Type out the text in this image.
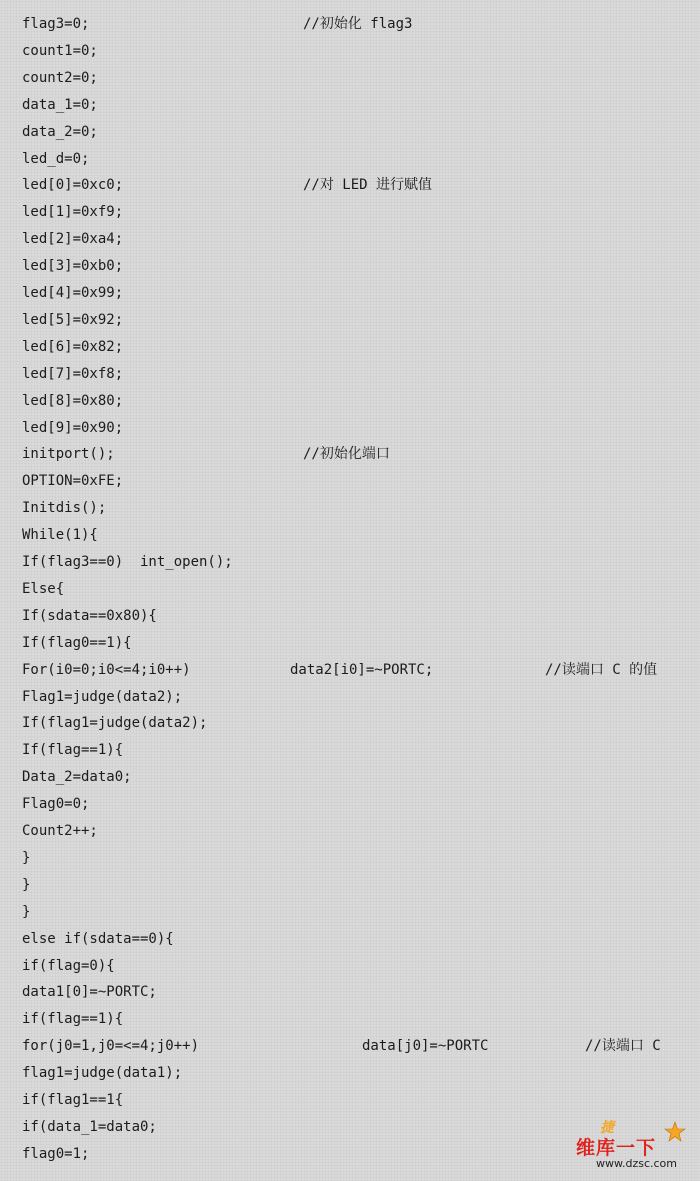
flag3=0;	//初始化 flag3
count1=0;
count2=0;
data_1=0;
data_2=0;
led_d=0;
led[0]=0xc0;	//对 LED 进行赋值
led[1]=0xf9;
led[2]=0xa4;
led[3]=0xb0;
led[4]=0x99;
led[5]=0x92;
led[6]=0x82;
led[7]=0xf8;
led[8]=0x80;
led[9]=0x90;
initport();	//初始化端口
OPTION=0xFE;
Initdis();
While(1){
If(flag3==0)  int_open();
Else{
If(sdata==0x80){
If(flag0==1){
For(i0=0;i0<=4;i0++)	data2[i0]=~PORTC;	//读端口 C 的值
Flag1=judge(data2);
If(flag1=judge(data2);
If(flag==1){
Data_2=data0;
Flag0=0;
Count2++;
}
}
}
else if(sdata==0){
if(flag=0){
data1[0]=~PORTC;
if(flag==1){
for(j0=1,j0=<=4;j0++)	data[j0]=~PORTC	//读端口 C
flag1=judge(data1);
if(flag1==1{
if(data_1=data0;
flag0=1;
捷
维库一下
www.dzsc.com
